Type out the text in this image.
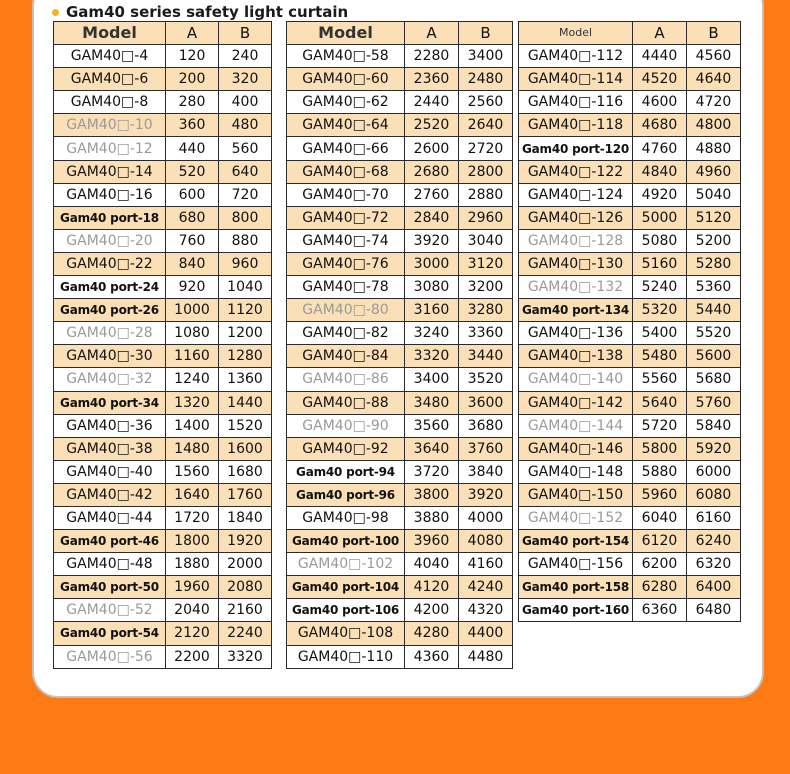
Gam40 series safety light curtain
Model	A	B
GAM40□-4	120	240
GAM40□-6	200	320
GAM40□-8	280	400
GAM40□-10	360	480
GAM40□-12	440	560
GAM40□-14	520	640
GAM40□-16	600	720
Gam40 port-18	680	800
GAM40□-20	760	880
GAM40□-22	840	960
Gam40 port-24	920	1040
Gam40 port-26	1000	1120
GAM40□-28	1080	1200
GAM40□-30	1160	1280
GAM40□-32	1240	1360
Gam40 port-34	1320	1440
GAM40□-36	1400	1520
GAM40□-38	1480	1600
GAM40□-40	1560	1680
GAM40□-42	1640	1760
GAM40□-44	1720	1840
Gam40 port-46	1800	1920
GAM40□-48	1880	2000
Gam40 port-50	1960	2080
GAM40□-52	2040	2160
Gam40 port-54	2120	2240
GAM40□-56	2200	3320
Model	A	B
GAM40□-58	2280	3400
GAM40□-60	2360	2480
GAM40□-62	2440	2560
GAM40□-64	2520	2640
GAM40□-66	2600	2720
GAM40□-68	2680	2800
GAM40□-70	2760	2880
GAM40□-72	2840	2960
GAM40□-74	3920	3040
GAM40□-76	3000	3120
GAM40□-78	3080	3200
GAM40□-80	3160	3280
GAM40□-82	3240	3360
GAM40□-84	3320	3440
GAM40□-86	3400	3520
GAM40□-88	3480	3600
GAM40□-90	3560	3680
GAM40□-92	3640	3760
Gam40 port-94	3720	3840
Gam40 port-96	3800	3920
GAM40□-98	3880	4000
Gam40 port-100	3960	4080
GAM40□-102	4040	4160
Gam40 port-104	4120	4240
Gam40 port-106	4200	4320
GAM40□-108	4280	4400
GAM40□-110	4360	4480
Model	A	B
GAM40□-112	4440	4560
GAM40□-114	4520	4640
GAM40□-116	4600	4720
GAM40□-118	4680	4800
Gam40 port-120	4760	4880
GAM40□-122	4840	4960
GAM40□-124	4920	5040
GAM40□-126	5000	5120
GAM40□-128	5080	5200
GAM40□-130	5160	5280
GAM40□-132	5240	5360
Gam40 port-134	5320	5440
GAM40□-136	5400	5520
GAM40□-138	5480	5600
GAM40□-140	5560	5680
GAM40□-142	5640	5760
GAM40□-144	5720	5840
GAM40□-146	5800	5920
GAM40□-148	5880	6000
GAM40□-150	5960	6080
GAM40□-152	6040	6160
Gam40 port-154	6120	6240
GAM40□-156	6200	6320
Gam40 port-158	6280	6400
Gam40 port-160	6360	6480
